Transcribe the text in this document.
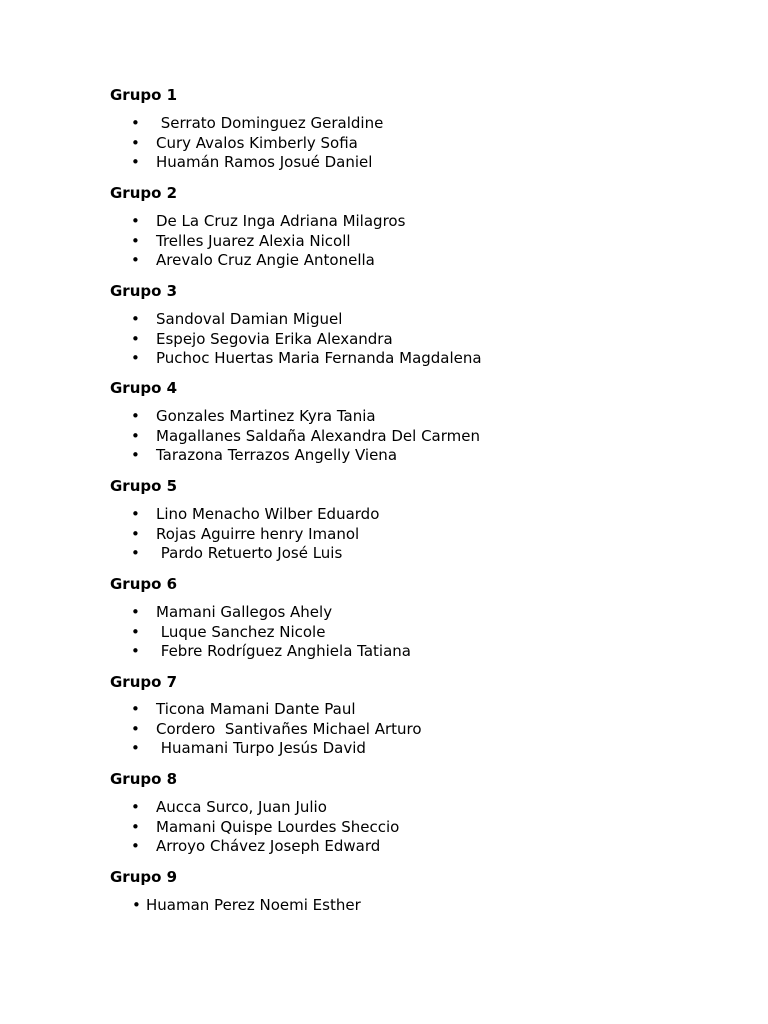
Grupo 1
• Serrato Dominguez Geraldine
• Cury Avalos Kimberly Sofia
• Huamán Ramos Josué Daniel
Grupo 2
• De La Cruz Inga Adriana Milagros
• Trelles Juarez Alexia Nicoll
• Arevalo Cruz Angie Antonella
Grupo 3
• Sandoval Damian Miguel
• Espejo Segovia Erika Alexandra
• Puchoc Huertas Maria Fernanda Magdalena
Grupo 4
• Gonzales Martinez Kyra Tania
• Magallanes Saldaña Alexandra Del Carmen
• Tarazona Terrazos Angelly Viena
Grupo 5
• Lino Menacho Wilber Eduardo
• Rojas Aguirre henry Imanol
• Pardo Retuerto José Luis
Grupo 6
• Mamani Gallegos Ahely
• Luque Sanchez Nicole
• Febre Rodríguez Anghiela Tatiana
Grupo 7
• Ticona Mamani Dante Paul
• Cordero  Santivañes Michael Arturo
• Huamani Turpo Jesús David
Grupo 8
• Aucca Surco, Juan Julio
• Mamani Quispe Lourdes Sheccio
• Arroyo Chávez Joseph Edward
Grupo 9
• Huaman Perez Noemi Esther
